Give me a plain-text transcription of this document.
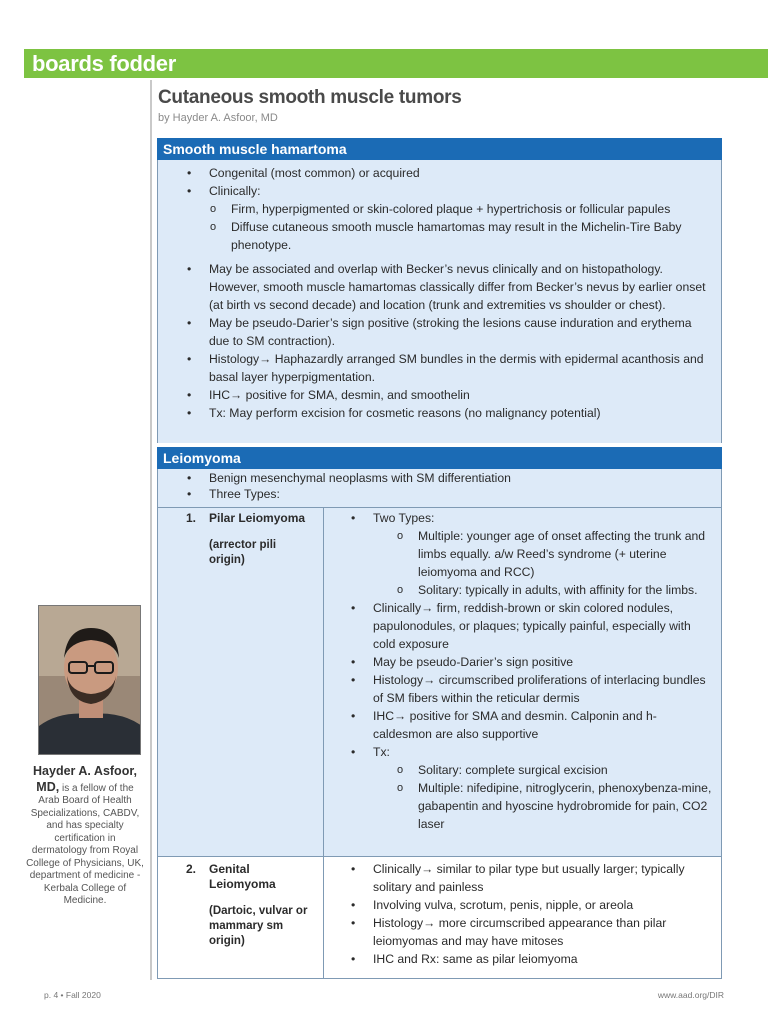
boards fodder
Cutaneous smooth muscle tumors
by Hayder A. Asfoor, MD
Smooth muscle hamartoma
• Congenital (most common) or acquired
• Clinically:
o Firm, hyperpigmented or skin-colored plaque + hypertrichosis or follicular papules
o Diffuse cutaneous smooth muscle hamartomas may result in the Michelin-Tire Baby phenotype.
• May be associated and overlap with Becker’s nevus clinically and on histopathology. However, smooth muscle hamartomas classically differ from Becker’s nevus by earlier onset (at birth vs second decade) and location (trunk and extremities vs shoulder or chest).
• May be pseudo-Darier’s sign positive (stroking the lesions cause induration and erythema due to SM contraction).
• Histology→ Haphazardly arranged SM bundles in the dermis with epidermal acanthosis and basal layer hyperpigmentation.
• IHC→ positive for SMA, desmin, and smoothelin
• Tx: May perform excision for cosmetic reasons (no malignancy potential)
Leiomyoma
• Benign mesenchymal neoplasms with SM differentiation
• Three Types:
1. Pilar Leiomyoma
(arrector pili origin)
• Two Types:
o Multiple: younger age of onset affecting the trunk and limbs equally. a/w Reed’s syndrome (+ uterine leiomyoma and RCC)
o Solitary: typically in adults, with affinity for the limbs.
• Clinically→ firm, reddish-brown or skin colored nodules, papulonodules, or plaques; typically painful, especially with cold exposure
• May be pseudo-Darier’s sign positive
• Histology→ circumscribed proliferations of interlacing bundles of SM fibers within the reticular dermis
• IHC→ positive for SMA and desmin. Calponin and h-caldesmon are also supportive
• Tx:
o Solitary: complete surgical excision
o Multiple: nifedipine, nitroglycerin, phenoxybenza-mine, gabapentin and hyoscine hydrobromide for pain, CO2 laser
2. Genital Leiomyoma
(Dartoic, vulvar or mammary sm origin)
• Clinically→ similar to pilar type but usually larger; typically solitary and painless
• Involving vulva, scrotum, penis, nipple, or areola
• Histology→ more circumscribed appearance than pilar leiomyomas and may have mitoses
• IHC and Rx: same as pilar leiomyoma
Hayder A. Asfoor, MD, is a fellow of the Arab Board of Health Specializations, CABDV, and has specialty certification in dermatology from Royal College of Physicians, UK, department of medicine - Kerbala College of Medicine.
p. 4 • Fall 2020	www.aad.org/DIR
